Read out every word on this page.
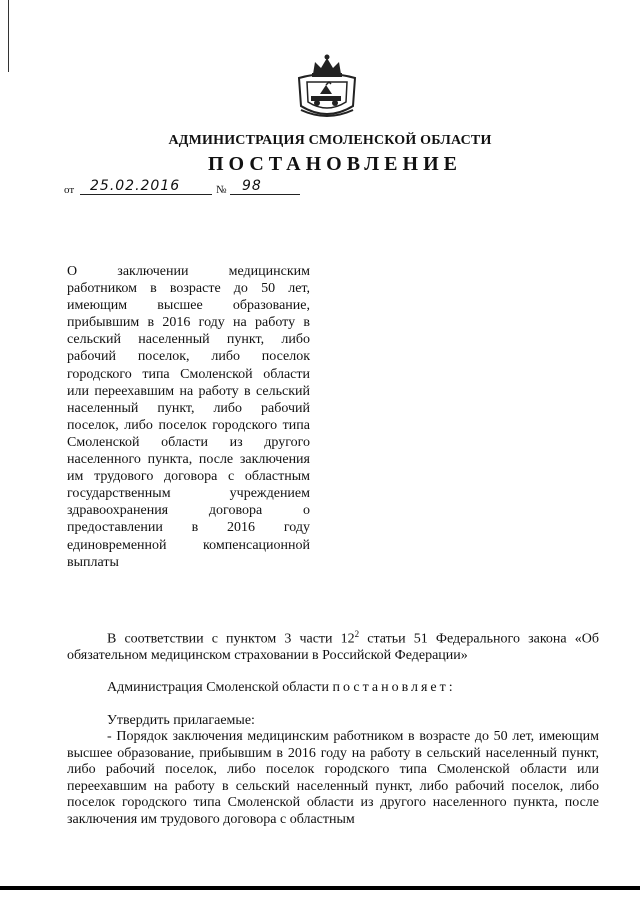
АДМИНИСТРАЦИЯ СМОЛЕНСКОЙ ОБЛАСТИ
ПОСТАНОВЛЕНИЕ
от 25.02.2016	№ 98
О заключении медицинским работником в возрасте до 50 лет, имеющим высшее образование, прибывшим в 2016 году на работу в сельский населенный пункт, либо рабочий поселок, либо поселок городского типа Смоленской области или переехавшим на работу в сельский населенный пункт, либо рабочий поселок, либо поселок городского типа Смоленской области из другого населенного пункта, после заключения им трудового договора с областным государственным учреждением здравоохранения договора о предоставлении в 2016 году единовременной компенсационной выплаты
В соответствии с пунктом 3 части $12^2$ статьи 51 Федерального закона «Об обязательном медицинском страховании в Российской Федерации»
Администрация Смоленской области постановляет:
Утвердить прилагаемые:
- Порядок заключения медицинским работником в возрасте до 50 лет, имеющим высшее образование, прибывшим в 2016 году на работу в сельский населенный пункт, либо рабочий поселок, либо поселок городского типа Смоленской области или переехавшим на работу в сельский населенный пункт, либо рабочий поселок, либо поселок городского типа Смоленской области из другого населенного пункта, после заключения им трудового договора с областным
